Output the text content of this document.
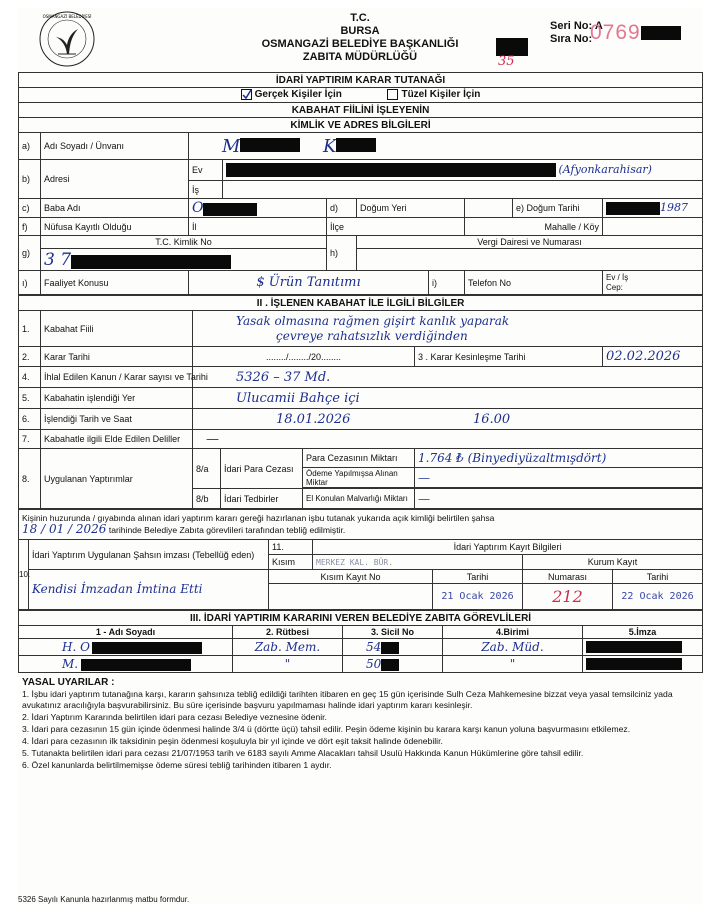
OSMANGAZİ BELEDİYESİ	T.C.
BURSA
OSMANGAZİ BELEDİYE BAŞKANLIĞI
ZABITA MÜDÜRLÜĞÜ	35
Seri No: A
Sıra No:
0769
İDARİ YAPTIRIM KARAR TUTANAĞI									
Gerçek Kişiler İçin Tüzel Kişiler İçin									
KABAHAT FİİLİNİ İŞLEYENİN									
KİMLİK VE ADRES BİLGİLERİ									
a)	Adı Soyadı / Ünvanı	M K							
b)	Adresi	Ev	(Afyonkarahisar)						
		İş							
c)	Baba Adı	O		d)	Doğum Yeri			e) Doğum Tarihi	1987
f)	Nüfusa Kayıtlı Olduğu	İl		İlçe			Mahalle / Köy		
g)	T.C. Kimlik No			h)	Vergi Dairesi ve Numarası				
	3 7								
ı)	Faaliyet Konusu	$ Ürün Tanıtımı				i)	Telefon No		Ev / İş
Cep:
II . İŞLENEN KABAHAT İLE İLGİLİ BİLGİLER						
1.	Kabahat Fiili	Yasak olmasına rağmen gişirt kanlık yaparak
çevreye rahatsızlık verdiğinden				

2.	Karar Tarihi	......../......../20........			3 . Karar Kesinleşme Tarihi	02.02.2026
4.	İhlal Edilen Kanun / Karar sayısı ve Tarihi	5326 – 37 Md.				
5.	Kabahatin işlendiği Yer	Ulucamii Bahçe içi				
6.	İşlendiği Tarih ve Saat	18.01.2026 16.00				
7.	Kabahatle ilgili Elde Edilen Deliller	—				
8.	Uygulanan Yaptırımlar	8/a	İdari Para Cezası	Para Cezasının Miktarı	1.764 ₺ (Binyediyüzaltmışdört)	
				Ödeme Yapılmışsa Alınan Miktar	—	

		8/b	İdari Tedbirler	El Konulan Malvarlığı Miktarı	—	
Kişinin huzurunda / gıyabında alınan idari yaptırım kararı gereği hazırlanan işbu tutanak yukarıda açık kimliği belirtilen şahsa
18 / 01 / 2026 tarihinde Belediye Zabıta görevlileri tarafından tebliğ edilmiştir.						
10.	İdari Yaptırım Uygulanan Şahsın imzası (Tebellüğ eden)	11.	İdari Yaptırım Kayıt Bilgileri			
		Kısım	MERKEZ KAL. BÜR.		Kurum Kayıt	
	Kendisi İmzadan İmtina Etti	Kısım Kayıt No		Tarihi	Numarası	Tarihi
				21 Ocak 2026	212	22 Ocak 2026
III. İDARİ YAPTIRIM KARARINI VEREN BELEDİYE ZABITA GÖREVLİLERİ				
1 - Adı Soyadı	2. Rütbesi	3. Sicil No	4.Birimi	5.İmza
H. O	Zab. Mem.	54	Zab. Müd.	
M.	"	50	"	
YASAL UYARILAR :
1. İşbu idari yaptırım tutanağına karşı, kararın şahsınıza tebliğ edildiği tarihten itibaren en geç 15 gün içerisinde Sulh Ceza Mahkemesine bizzat veya yasal temsilciniz yada avukatınız aracılığıyla başvurabilirsiniz. Bu süre içerisinde başvuru yapılmaması halinde idari yaptırım kararı kesinleşir.
2. İdari Yaptırım Kararında belirtilen idari para cezası Belediye veznesine ödenir.
3. İdari para cezasının 15 gün içinde ödenmesi halinde 3/4 ü (dörtte üçü) tahsil edilir. Peşin ödeme kişinin bu karara karşı kanun yoluna başvurmasını etkilemez.
4. İdari para cezasının ilk taksidinin peşin ödenmesi koşuluyla bir yıl içinde ve dört eşit taksit halinde ödenebilir.
5. Tutanakta belirtilen idari para cezası 21/07/1953 tarih ve 6183 sayılı Amme Alacakları tahsil Usulü Hakkında Kanun Hükümlerine göre tahsil edilir.
6. Özel kanunlarda belirtilmemişse ödeme süresi tebliğ tarihinden itibaren 1 aydır.
5326 Sayılı Kanunla hazırlanmış matbu formdur.
